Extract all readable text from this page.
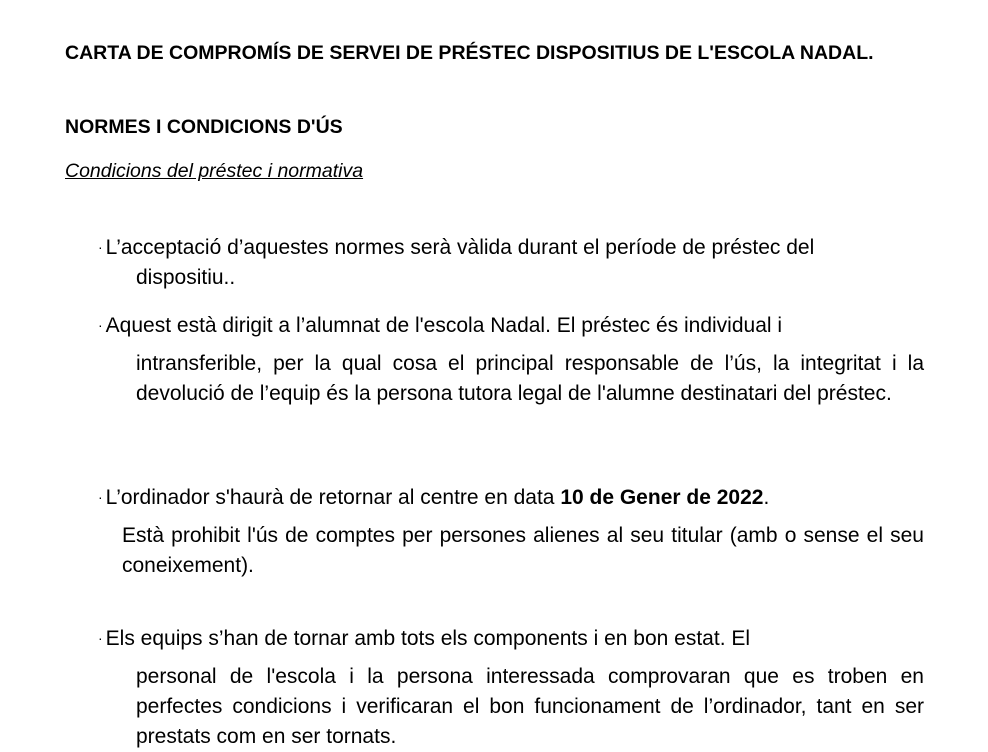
CARTA DE COMPROMÍS DE SERVEI DE PRÉSTEC DISPOSITIUS DE L'ESCOLA NADAL.
NORMES I CONDICIONS D'ÚS

Condicions del préstec i normativa

· L’acceptació d’aquestes normes serà vàlida durant el període de préstec del
dispositiu..
· Aquest està dirigit a l’alumnat de l'escola Nadal. El préstec és individual i
intransferible, per la qual cosa el principal responsable de l’ús, la integritat i la devolució de l’equip és la persona tutora legal de l'alumne destinatari del préstec.
· L’ordinador s'haurà de retornar al centre en data 10 de Gener de 2022.
Està prohibit l'ús de comptes per persones alienes al seu titular (amb o sense el seu coneixement).
· Els equips s’han de tornar amb tots els components i en bon estat. El
personal de l'escola i la persona interessada comprovaran que es troben en perfectes condicions i verificaran el bon funcionament de l’ordinador, tant en ser prestats com en ser tornats.
